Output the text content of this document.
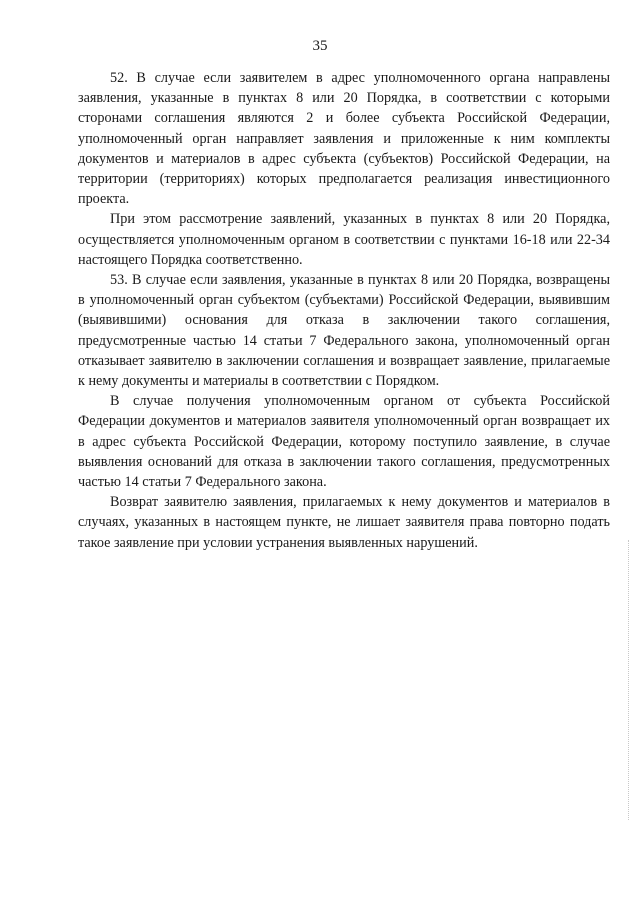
35

52. В случае если заявителем в адрес уполномоченного органа направлены заявления, указанные в пунктах 8 или 20 Порядка, в соответствии с которыми сторонами соглашения являются 2 и более субъекта Российской Федерации, уполномоченный орган направляет заявления и приложенные к ним комплекты документов и материалов в адрес субъекта (субъектов) Российской Федерации, на территории (территориях) которых предполагается реализация инвестиционного проекта.

При этом рассмотрение заявлений, указанных в пунктах 8 или 20 Порядка, осуществляется уполномоченным органом в соответствии с пунктами 16-18 или 22-34 настоящего Порядка соответственно.

53. В случае если заявления, указанные в пунктах 8 или 20 Порядка, возвращены в уполномоченный орган субъектом (субъектами) Российской Федерации, выявившим (выявившими) основания для отказа в заключении такого соглашения, предусмотренные частью 14 статьи 7 Федерального закона, уполномоченный орган отказывает заявителю в заключении соглашения и возвращает заявление, прилагаемые к нему документы и материалы в соответствии с Порядком.

В случае получения уполномоченным органом от субъекта Российской Федерации документов и материалов заявителя уполномоченный орган возвращает их в адрес субъекта Российской Федерации, которому поступило заявление, в случае выявления оснований для отказа в заключении такого соглашения, предусмотренных частью 14 статьи 7 Федерального закона.

Возврат заявителю заявления, прилагаемых к нему документов и материалов в случаях, указанных в настоящем пункте, не лишает заявителя права повторно подать такое заявление при условии устранения выявленных нарушений.
